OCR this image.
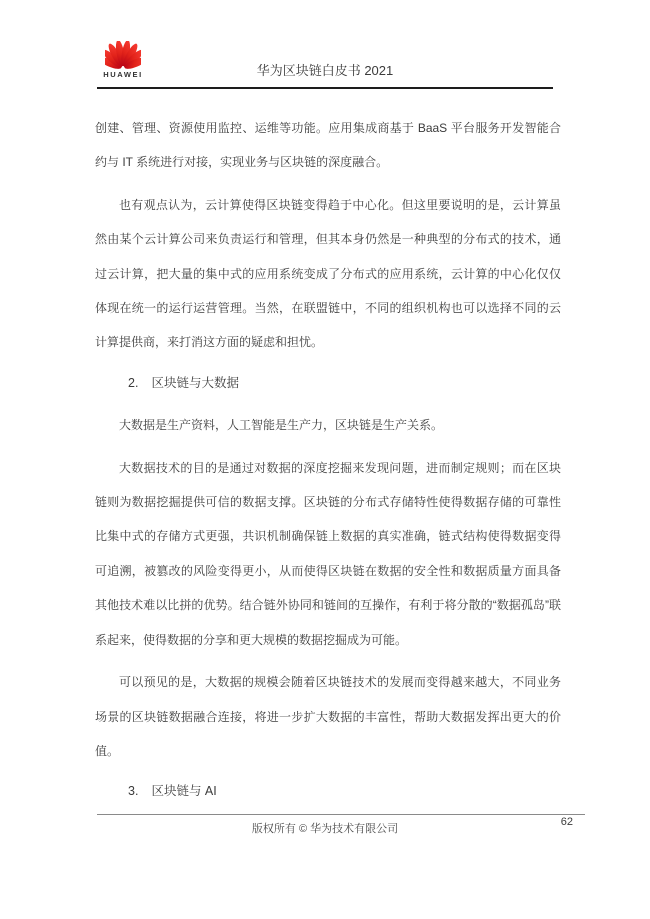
HUAWEI	华为区块链白皮书 2021

创建、管理、资源使用监控、运维等功能。应用集成商基于 BaaS 平台服务开发智能合约与 IT 系统进行对接，实现业务与区块链的深度融合。

也有观点认为，云计算使得区块链变得趋于中心化。但这里要说明的是，云计算虽然由某个云计算公司来负责运行和管理，但其本身仍然是一种典型的分布式的技术，通过云计算，把大量的集中式的应用系统变成了分布式的应用系统，云计算的中心化仅仅体现在统一的运行运营管理。当然，在联盟链中，不同的组织机构也可以选择不同的云计算提供商，来打消这方面的疑虑和担忧。

2. 区块链与大数据

大数据是生产资料，人工智能是生产力，区块链是生产关系。

大数据技术的目的是通过对数据的深度挖掘来发现问题，进而制定规则；而在区块链则为数据挖掘提供可信的数据支撑。区块链的分布式存储特性使得数据存储的可靠性比集中式的存储方式更强，共识机制确保链上数据的真实准确，链式结构使得数据变得可追溯，被篡改的风险变得更小，从而使得区块链在数据的安全性和数据质量方面具备其他技术难以比拼的优势。结合链外协同和链间的互操作，有利于将分散的“数据孤岛”联系起来，使得数据的分享和更大规模的数据挖掘成为可能。

可以预见的是，大数据的规模会随着区块链技术的发展而变得越来越大，不同业务场景的区块链数据融合连接，将进一步扩大数据的丰富性，帮助大数据发挥出更大的价值。

3. 区块链与 AI
版权所有 © 华为技术有限公司
62
